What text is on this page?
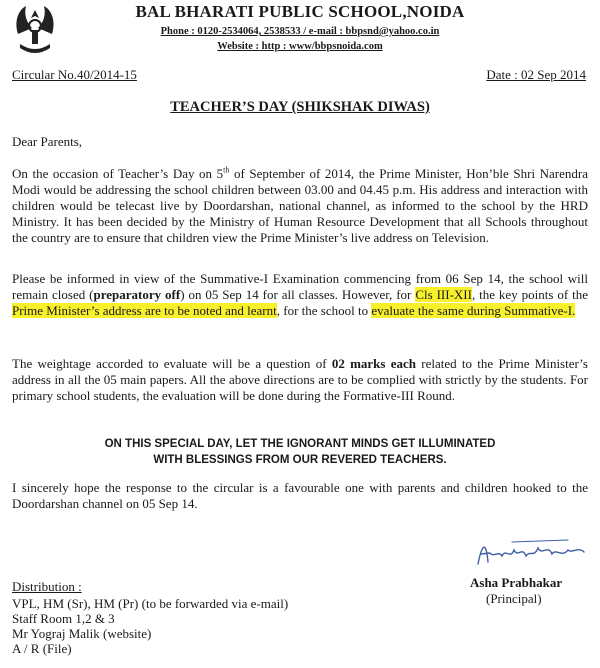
BAL BHARATI PUBLIC SCHOOL,NOIDA
Phone : 0120-2534064, 2538533 / e-mail : bbpsnd@yahoo.co.in
Website : http : www/bbpsnoida.com
Circular No.40/2014-15	Date : 02 Sep 2014
TEACHER’S DAY (SHIKSHAK DIWAS)
Dear Parents,

On the occasion of Teacher’s Day on 5th of September of 2014, the Prime Minister, Hon’ble Shri Narendra Modi would be addressing the school children between 03.00 and 04.45 p.m. His address and interaction with children would be telecast live by Doordarshan, national channel, as informed to the school by the HRD Ministry. It has been decided by the Ministry of Human Resource Development that all Schools throughout the country are to ensure that children view the Prime Minister’s live address on Television.

Please be informed in view of the Summative-I Examination commencing from 06 Sep 14, the school will remain closed (preparatory off) on 05 Sep 14 for all classes. However, for Cls III-XII, the key points of the Prime Minister’s address are to be noted and learnt, for the school to evaluate the same during Summative-I.

The weightage accorded to evaluate will be a question of 02 marks each related to the Prime Minister’s address in all the 05 main papers. All the above directions are to be complied with strictly by the students. For primary school students, the evaluation will be done during the Formative-III Round.

ON THIS SPECIAL DAY, LET THE IGNORANT MINDS GET ILLUMINATED
WITH BLESSINGS FROM OUR REVERED TEACHERS.

I sincerely hope the response to the circular is a favourable one with parents and children hooked to the Doordarshan channel on 05 Sep 14.

Asha Prabhakar
(Principal)
Distribution :
VPL, HM (Sr), HM (Pr) (to be forwarded via e-mail)
Staff Room 1,2 & 3
Mr Yograj Malik (website)
A / R (File)
